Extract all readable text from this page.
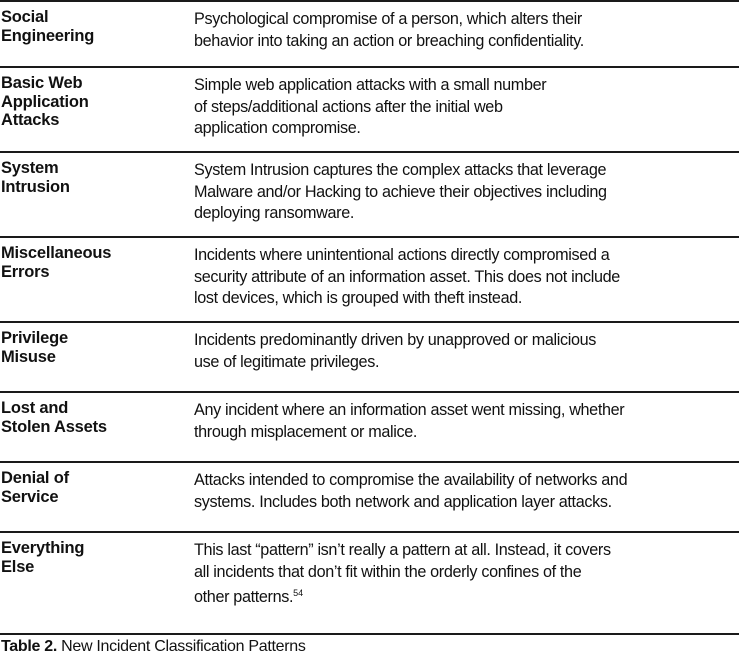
Social
Engineering
Psychological compromise of a person, which alters their
behavior into taking an action or breaching confidentiality.
Basic Web
Application
Attacks
Simple web application attacks with a small number
of steps/additional actions after the initial web
application compromise.
System
Intrusion
System Intrusion captures the complex attacks that leverage
Malware and/or Hacking to achieve their objectives including
deploying ransomware.
Miscellaneous
Errors
Incidents where unintentional actions directly compromised a
security attribute of an information asset. This does not include
lost devices, which is grouped with theft instead.
Privilege
Misuse
Incidents predominantly driven by unapproved or malicious
use of legitimate privileges.
Lost and
Stolen Assets
Any incident where an information asset went missing, whether
through misplacement or malice.
Denial of
Service
Attacks intended to compromise the availability of networks and
systems. Includes both network and application layer attacks.
Everything
Else
This last “pattern” isn’t really a pattern at all. Instead, it covers
all incidents that don’t fit within the orderly confines of the
other patterns.$^{54}$
Table 2. New Incident Classification Patterns
